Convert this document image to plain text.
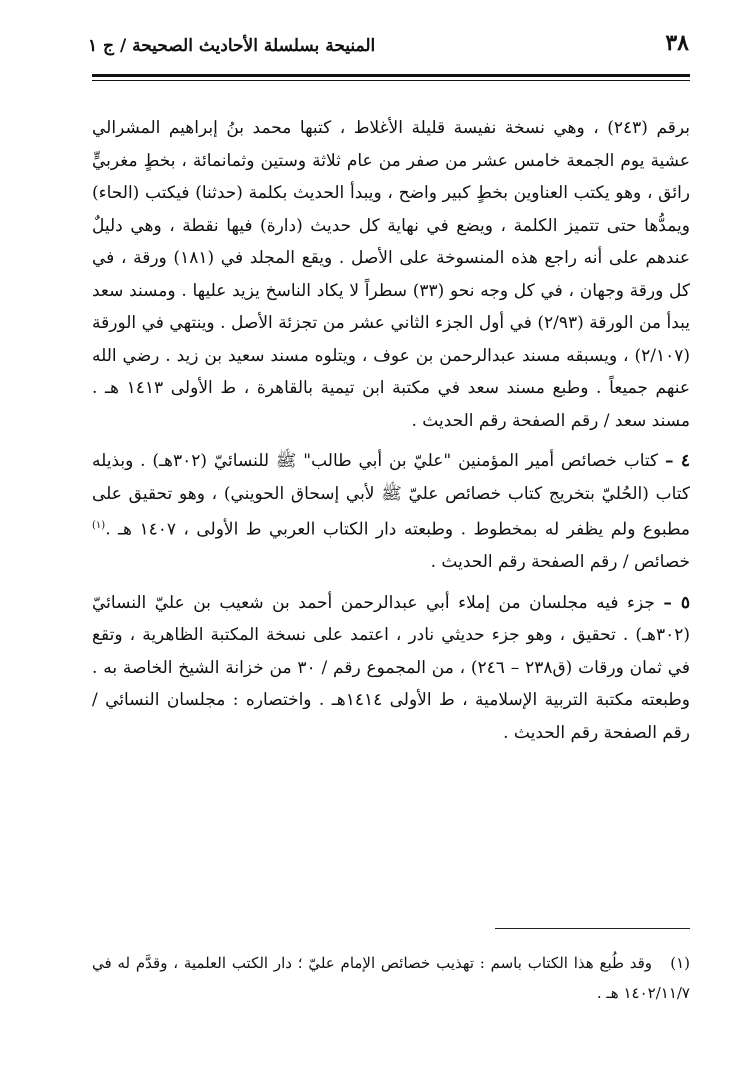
٣٨
المنيحة بسلسلة الأحاديث الصحيحة / ج ١

برقم (٢٤٣) ، وهي نسخة نفيسة قليلة الأغلاط ، كتبها محمد بنُ إبراهيم المشرالي عشية يوم الجمعة خامس عشر من صفر من عام ثلاثة وستين وثمانمائة ، بخطٍ مغربيٍّ رائق ، وهو يكتب العناوين بخطٍ كبير واضح ، ويبدأ الحديث بكلمة (حدثنا) فيكتب (الحاء) ويمدُّها حتى تتميز الكلمة ، ويضع في نهاية كل حديث (دارة) فيها نقطة ، وهي دليلٌ عندهم على أنه راجع هذه المنسوخة على الأصل . ويقع المجلد في (١٨١) ورقة ، في كل ورقة وجهان ، في كل وجه نحو (٣٣) سطراً لا يكاد الناسخ يزيد عليها . ومسند سعد يبدأ من الورقة (٢/٩٣) في أول الجزء الثاني عشر من تجزئة الأصل . وينتهي في الورقة (٢/١٠٧) ، ويسبقه مسند عبدالرحمن بن عوف ، ويتلوه مسند سعيد بن زيد . رضي الله عنهم جميعاً . وطبع مسند سعد في مكتبة ابن تيمية بالقاهرة ، ط الأولى ١٤١٣ هـ . مسند سعد / رقم الصفحة رقم الحديث .

٤ – كتاب خصائص أمير المؤمنين "عليّ بن أبي طالب" ﷺ للنسائيّ (٣٠٢هـ) . وبذيله كتاب (الحُليّ بتخريج كتاب خصائص عليّ ﷺ لأبي إسحاق الحويني) ، وهو تحقيق على مطبوع ولم يظفر له بمخطوط . وطبعته دار الكتاب العربي ط الأولى ، ١٤٠٧ هـ .$^{(١)}$ خصائص / رقم الصفحة رقم الحديث .

٥ – جزء فيه مجلسان من إملاء أبي عبدالرحمن أحمد بن شعيب بن عليّ النسائيّ (٣٠٢هـ) . تحقيق ، وهو جزء حديثي نادر ، اعتمد على نسخة المكتبة الظاهرية ، وتقع في ثمان ورقات (ق٢٣٨ – ٢٤٦) ، من المجموع رقم / ٣٠ من خزانة الشيخ الخاصة به . وطبعته مكتبة التربية الإسلامية ، ط الأولى ١٤١٤هـ . واختصاره : مجلسان النسائي / رقم الصفحة رقم الحديث .

(١)وقد طُبع هذا الكتاب باسم : تهذيب خصائص الإمام عليّ ؛ دار الكتب العلمية ، وقدَّم له في ١٤٠٢/١١/٧ هـ .
